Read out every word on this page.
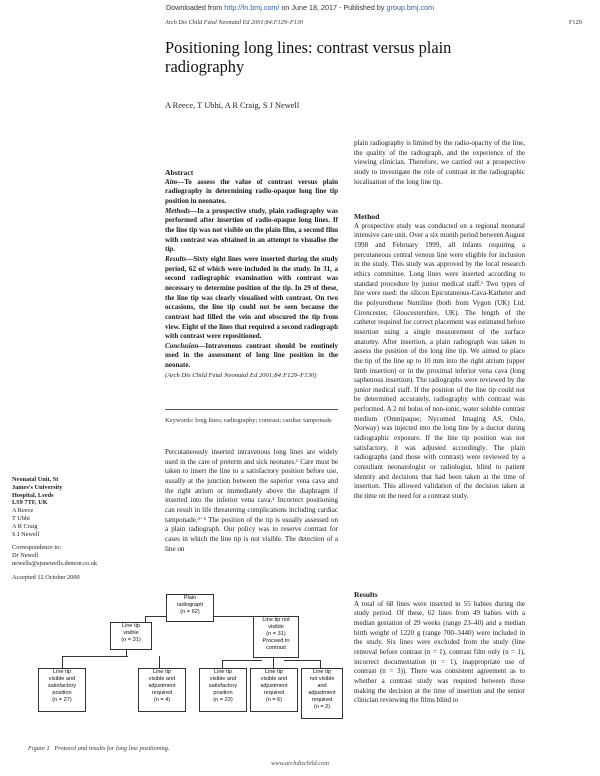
Downloaded from http://fn.bmj.com/ on June 18, 2017 - Published by group.bmj.com
Arch Dis Child Fetal Neonatal Ed 2001;84:F129–F130	F129
Positioning long lines: contrast versus plain radiography
A Reece, T Ubhi, A R Craig, S J Newell

Abstract

Aim—To assess the value of contrast versus plain radiography in determining radio-opaque long line tip position in neonates.

Methods—In a prospective study, plain radiography was performed after insertion of radio-opaque long lines. If the line tip was not visible on the plain film, a second film with contrast was obtained in an attempt to visualise the tip.

Results—Sixty eight lines were inserted during the study period, 62 of which were included in the study. In 31, a second radiographic examination with contrast was necessary to determine position of the tip. In 29 of these, the line tip was clearly visualised with contrast. On two occasions, the line tip could not be seen because the contrast had filled the vein and obscured the tip from view. Eight of the lines that required a second radiograph with contrast were repositioned.

Conclusion—Intravenous contrast should be routinely used in the assessment of long line position in the neonate.

(Arch Dis Child Fetal Neonatal Ed 2001;84:F129–F130)

Keywords: long lines; radiography; contrast; cardiac tamponade
Percutaneously inserted intravenous long lines are widely used in the care of preterm and sick neonates.¹ Care must be taken to insert the line to a satisfactory position before use, usually at the junction between the superior vena cava and the right atrium or immediately above the diaphragm if inserted into the inferior vena cava.² Incorrect positioning can result in life threatening complications including cardiac tamponade.³⁻⁵ The position of the tip is usually assessed on a plain radiograph. Our policy was to reserve contrast for cases in which the line tip is not visible. The detection of a line on
Neonatal Unit, St
James's University
Hospital, Leeds
LS9 7TF, UK
A Reece
T Ubhi
A R Craig
S J Newell
Correspondence to:
Dr Newell
newells@sjsnewells.demon.co.uk
Accepted 12 October 2000
plain radiography is limited by the radio-opacity of the line, the quality of the radiograph, and the experience of the viewing clinician. Therefore, we carried out a prospective study to investigate the role of contrast in the radiographic localisation of the long line tip.

Method

A prospective study was conducted on a regional neonatal intensive care unit. Over a six month period between August 1998 and February 1999, all infants requiring a percutaneous central venous line were eligible for inclusion in the study. This study was approved by the local research ethics committee. Long lines were inserted according to standard procedure by junior medical staff.¹ Two types of line were used: the silicon Epicutaneous-Cava-Katheter and the polyurethene Nutriline (both from Vygon (UK) Ltd, Cirencester, Gloucestershire, UK). The length of the catheter required for correct placement was estimated before insertion using a single measurement of the surface anatomy. After insertion, a plain radiograph was taken to assess the position of the long line tip. We aimed to place the tip of the line up to 10 mm into the right atrium (upper limb insertion) or in the proximal inferior vena cava (long saphenous insertion). The radiographs were reviewed by the junior medical staff. If the position of the line tip could not be determined accurately, radiography with contrast was performed. A 2 ml bolus of non-ionic, water soluble contrast medium (Omnipaque; Nycomed Imaging AS, Oslo, Norway) was injected into the long line by a doctor during radiographic exposure. If the line tip position was not satisfactory, it was adjusted accordingly. The plain radiographs (and those with contrast) were reviewed by a consultant neonatologist or radiologist, blind to patient identity and decisions that had been taken at the time of insertion. This allowed validation of the decision taken at the time on the need for a contrast study.

Results

A total of 68 lines were inserted in 55 babies during the study period. Of these, 62 lines from 49 babies with a median gestation of 29 weeks (range 23–40) and a median birth weight of 1220 g (range 700–3440) were included in the study. Six lines were excluded from the study (line removal before contrast (n = 1), contrast film only (n = 1), incorrect documentation (n = 1), inappropriate use of contrast (n = 3)). There was consistent agreement as to whether a contrast study was required between those making the decision at the time of insertion and the senior clinician reviewing the films blind to

Plain
radiograph
(n = 62)
Line tip
visible
(n = 31)
Line tip not
visible
(n = 31)
Proceed to
contrast
Line tip
visible and
satisfactory
position
(n = 27)
Line tip
visible and
adjustment
required
(n = 4)
Line tip
visible and
satisfactory
position
(n = 23)
Line tip
visible and
adjustment
required
(n = 6)
Line tip
not visible
and
adjustment
required
(n = 2)
Figure 1 Protocol and results for long line positioning.
www.archdischild.com
